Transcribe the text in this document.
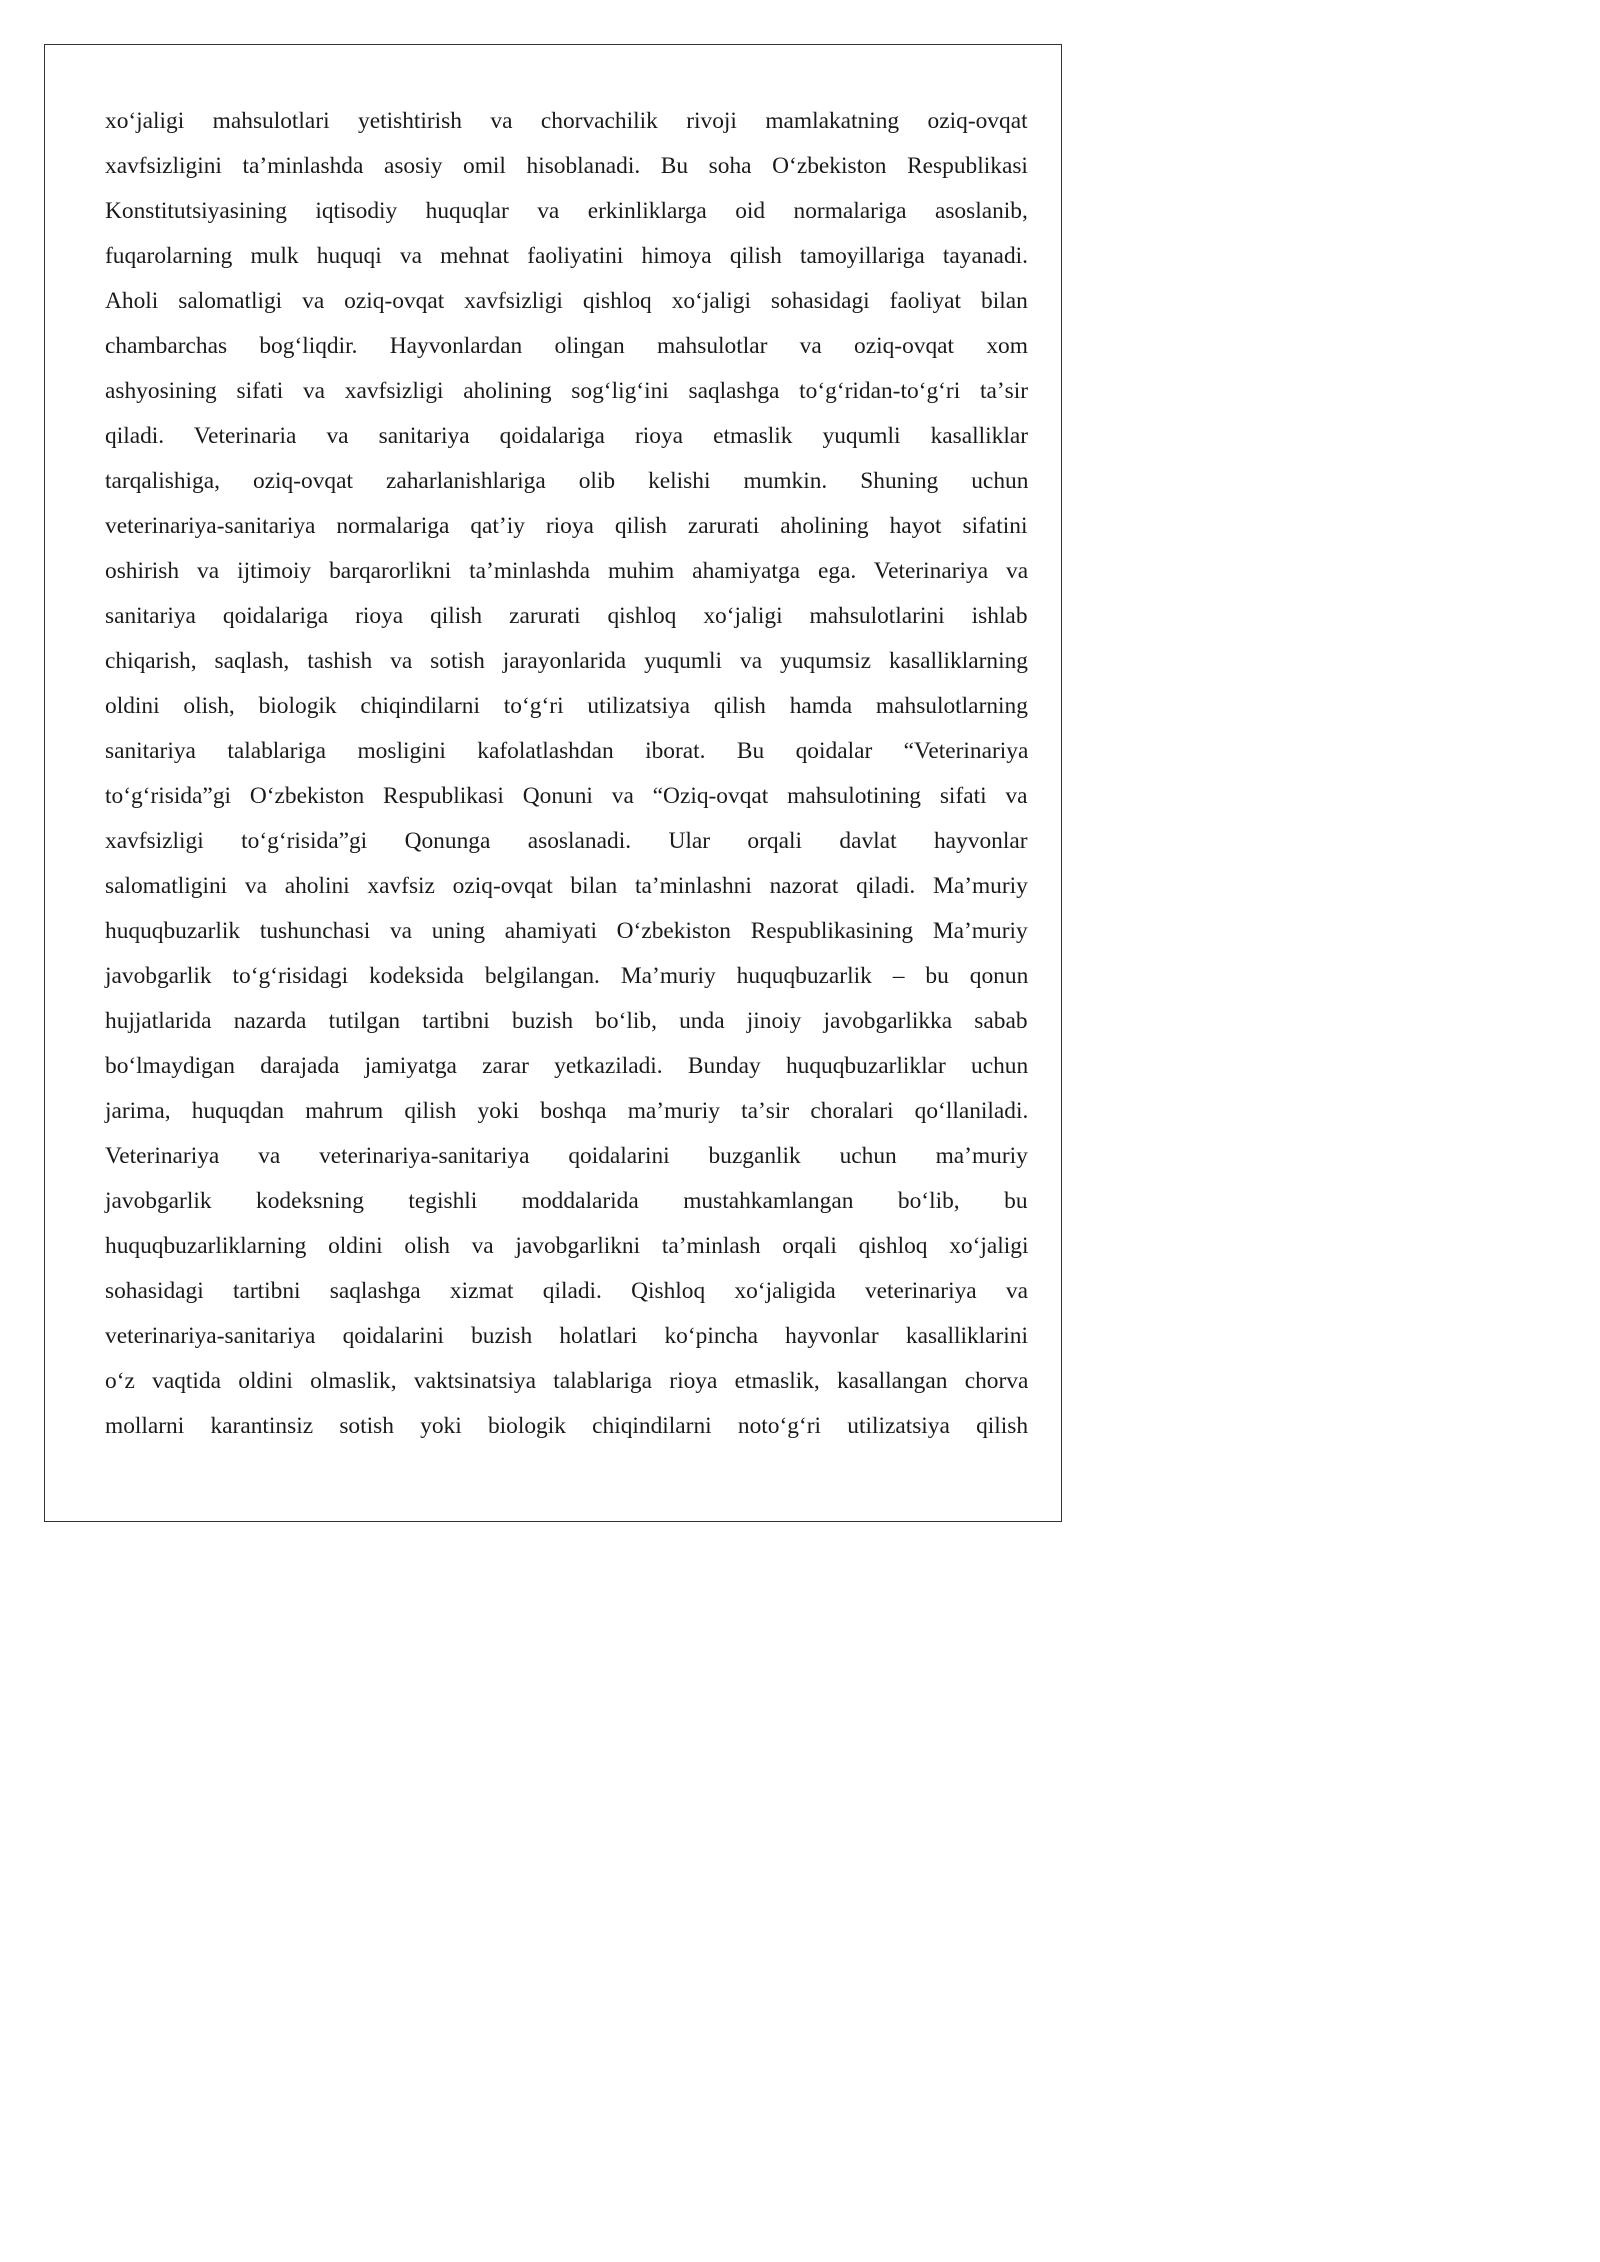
xoʻjaligi mahsulotlari yetishtirish va chorvachilik rivoji mamlakatning oziq-ovqat
xavfsizligini taʼminlashda asosiy omil hisoblanadi. Bu soha Oʻzbekiston Respublikasi
Konstitutsiyasining iqtisodiy huquqlar va erkinliklarga oid normalariga asoslanib,
fuqarolarning mulk huquqi va mehnat faoliyatini himoya qilish tamoyillariga tayanadi.
Aholi salomatligi va oziq-ovqat xavfsizligi qishloq xoʻjaligi sohasidagi faoliyat bilan
chambarchas bogʻliqdir. Hayvonlardan olingan mahsulotlar va oziq-ovqat xom
ashyosining sifati va xavfsizligi aholining sogʻligʻini saqlashga toʻgʻridan-toʻgʻri taʼsir
qiladi. Veterinaria va sanitariya qoidalariga rioya etmaslik yuqumli kasalliklar
tarqalishiga, oziq-ovqat zaharlanishlariga olib kelishi mumkin. Shuning uchun
veterinariya-sanitariya normalariga qatʼiy rioya qilish zarurati aholining hayot sifatini
oshirish va ijtimoiy barqarorlikni taʼminlashda muhim ahamiyatga ega. Veterinariya va
sanitariya qoidalariga rioya qilish zarurati qishloq xoʻjaligi mahsulotlarini ishlab
chiqarish, saqlash, tashish va sotish jarayonlarida yuqumli va yuqumsiz kasalliklarning
oldini olish, biologik chiqindilarni toʻgʻri utilizatsiya qilish hamda mahsulotlarning
sanitariya talablariga mosligini kafolatlashdan iborat. Bu qoidalar “Veterinariya
toʻgʻrisida”gi Oʻzbekiston Respublikasi Qonuni va “Oziq-ovqat mahsulotining sifati va
xavfsizligi toʻgʻrisida”gi Qonunga asoslanadi. Ular orqali davlat hayvonlar
salomatligini va aholini xavfsiz oziq-ovqat bilan taʼminlashni nazorat qiladi. Maʼmuriy
huquqbuzarlik tushunchasi va uning ahamiyati Oʻzbekiston Respublikasining Maʼmuriy
javobgarlik toʻgʻrisidagi kodeksida belgilangan. Maʼmuriy huquqbuzarlik – bu qonun
hujjatlarida nazarda tutilgan tartibni buzish boʻlib, unda jinoiy javobgarlikka sabab
boʻlmaydigan darajada jamiyatga zarar yetkaziladi. Bunday huquqbuzarliklar uchun
jarima, huquqdan mahrum qilish yoki boshqa maʼmuriy taʼsir choralari qoʻllaniladi.
Veterinariya va veterinariya-sanitariya qoidalarini buzganlik uchun maʼmuriy
javobgarlik kodeksning tegishli moddalarida mustahkamlangan boʻlib, bu
huquqbuzarliklarning oldini olish va javobgarlikni taʼminlash orqali qishloq xoʻjaligi
sohasidagi tartibni saqlashga xizmat qiladi. Qishloq xoʻjaligida veterinariya va
veterinariya-sanitariya qoidalarini buzish holatlari koʻpincha hayvonlar kasalliklarini
oʻz vaqtida oldini olmaslik, vaktsinatsiya talablariga rioya etmaslik, kasallangan chorva
mollarni karantinsiz sotish yoki biologik chiqindilarni notoʻgʻri utilizatsiya qilish
